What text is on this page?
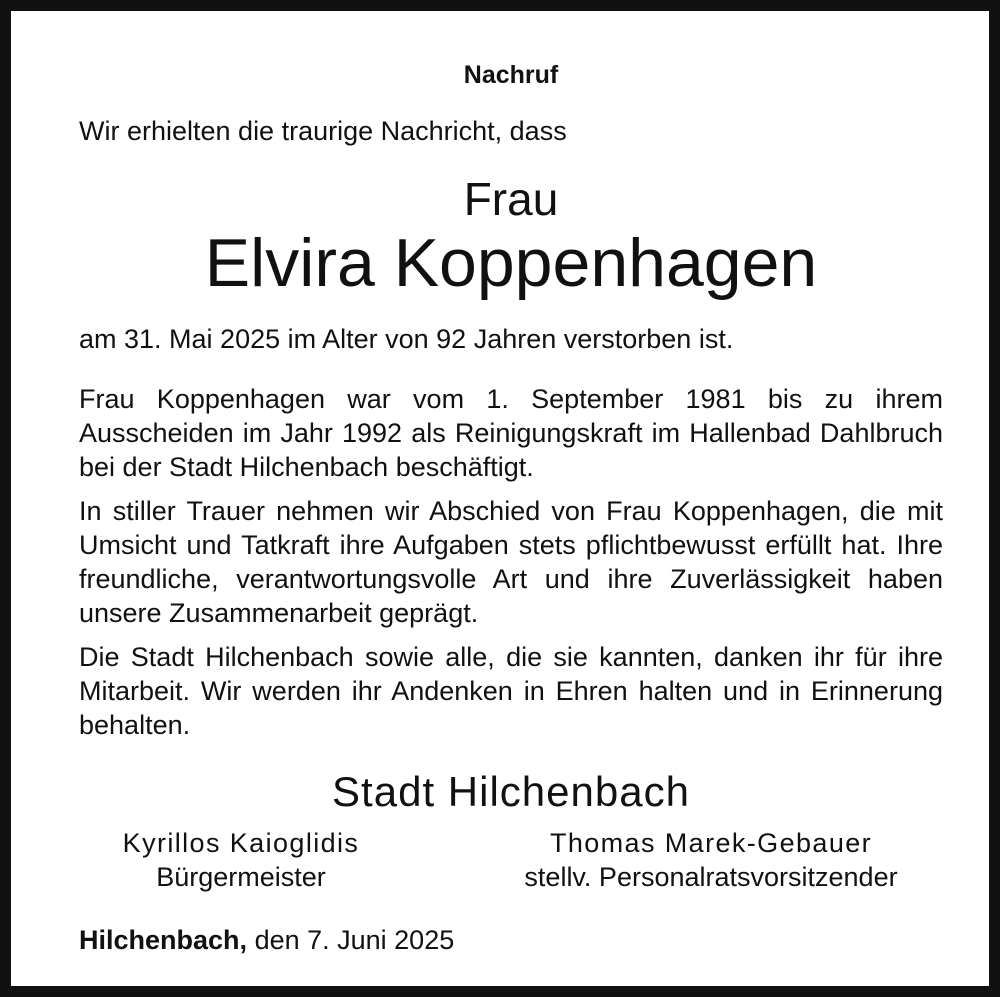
Nachruf
Wir erhielten die traurige Nachricht, dass
Frau
Elvira Koppenhagen
am 31. Mai 2025 im Alter von 92 Jahren verstorben ist.
Frau Koppenhagen war vom 1. September 1981 bis zu ihrem Ausscheiden im Jahr 1992 als Reinigungskraft im Hallenbad Dahlbruch bei der Stadt Hilchenbach beschäftigt.
In stiller Trauer nehmen wir Abschied von Frau Koppenhagen, die mit Umsicht und Tatkraft ihre Aufgaben stets pflichtbewusst erfüllt hat. Ihre freundliche, verantwortungsvolle Art und ihre Zuverlässigkeit haben unsere Zusammenarbeit geprägt.
Die Stadt Hilchenbach sowie alle, die sie kannten, danken ihr für ihre Mitarbeit. Wir werden ihr Andenken in Ehren halten und in Erinnerung behalten.
Stadt Hilchenbach
Kyrillos Kaioglidis
Bürgermeister
Thomas Marek-Gebauer
stellv. Personalratsvorsitzender
Hilchenbach, den 7. Juni 2025
